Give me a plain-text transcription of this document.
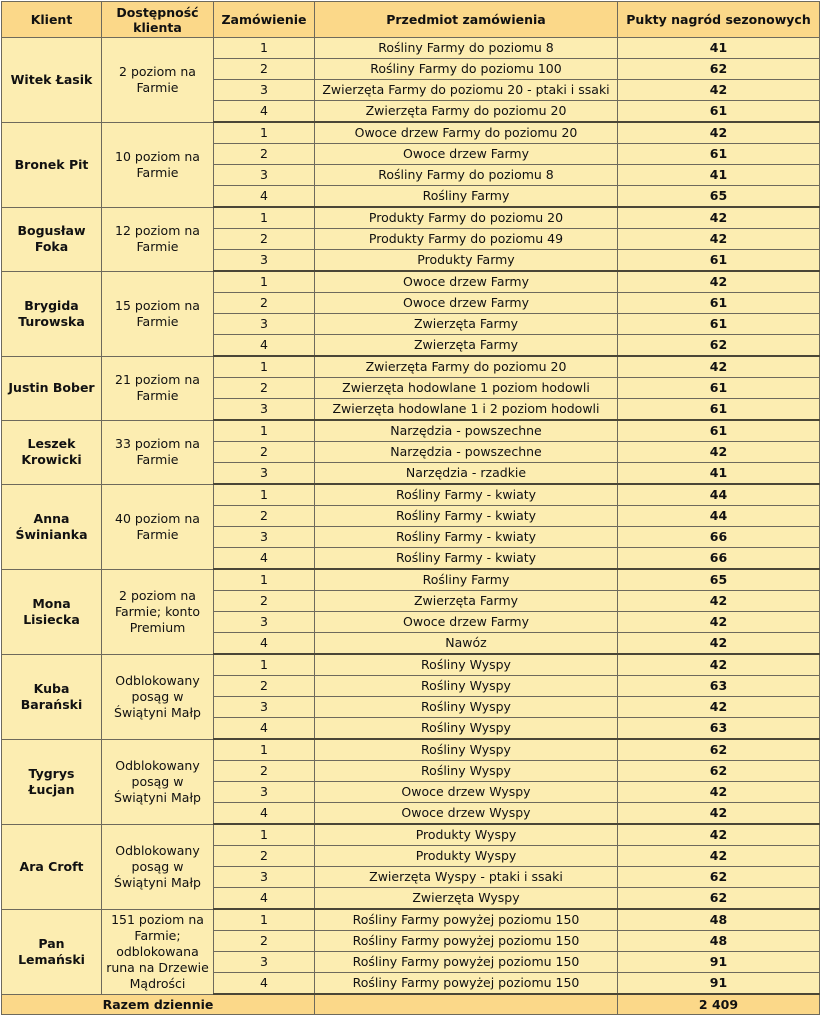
Klient	Dostępność klienta	Zamówienie	Przedmiot zamówienia	Pukty nagród sezonowych
Witek Łasik	2 poziom na Farmie	1	Rośliny Farmy do poziomu 8	41
		2	Rośliny Farmy do poziomu 100	62
		3	Zwierzęta Farmy do poziomu 20 - ptaki i ssaki	42
		4	Zwierzęta Farmy do poziomu 20	61
Bronek Pit	10 poziom na Farmie	1	Owoce drzew Farmy do poziomu 20	42
		2	Owoce drzew Farmy	61
		3	Rośliny Farmy do poziomu 8	41
		4	Rośliny Farmy	65
Bogusław Foka	12 poziom na Farmie	1	Produkty Farmy do poziomu 20	42
		2	Produkty Farmy do poziomu 49	42
		3	Produkty Farmy	61
Brygida Turowska	15 poziom na Farmie	1	Owoce drzew Farmy	42
		2	Owoce drzew Farmy	61
		3	Zwierzęta Farmy	61
		4	Zwierzęta Farmy	62
Justin Bober	21 poziom na Farmie	1	Zwierzęta Farmy do poziomu 20	42
		2	Zwierzęta hodowlane 1 poziom hodowli	61
		3	Zwierzęta hodowlane 1 i 2 poziom hodowli	61
Leszek Krowicki	33 poziom na Farmie	1	Narzędzia - powszechne	61
		2	Narzędzia - powszechne	42
		3	Narzędzia - rzadkie	41
Anna Świnianka	40 poziom na Farmie	1	Rośliny Farmy - kwiaty	44
		2	Rośliny Farmy - kwiaty	44
		3	Rośliny Farmy - kwiaty	66
		4	Rośliny Farmy - kwiaty	66
Mona Lisiecka	2 poziom na Farmie; konto Premium	1	Rośliny Farmy	65
		2	Zwierzęta Farmy	42
		3	Owoce drzew Farmy	42
		4	Nawóz	42
Kuba Barański	Odblokowany posąg w Świątyni Małp	1	Rośliny Wyspy	42
		2	Rośliny Wyspy	63
		3	Rośliny Wyspy	42
		4	Rośliny Wyspy	63
Tygrys Łucjan	Odblokowany posąg w Świątyni Małp	1	Rośliny Wyspy	62
		2	Rośliny Wyspy	62
		3	Owoce drzew Wyspy	42
		4	Owoce drzew Wyspy	42
Ara Croft	Odblokowany posąg w Świątyni Małp	1	Produkty Wyspy	42
		2	Produkty Wyspy	42
		3	Zwierzęta Wyspy - ptaki i ssaki	62
		4	Zwierzęta Wyspy	62
Pan Lemański	151 poziom na Farmie; odblokowana runa na Drzewie Mądrości	1	Rośliny Farmy powyżej poziomu 150	48
		2	Rośliny Farmy powyżej poziomu 150	48
		3	Rośliny Farmy powyżej poziomu 150	91
		4	Rośliny Farmy powyżej poziomu 150	91
Razem dziennie				2 409
